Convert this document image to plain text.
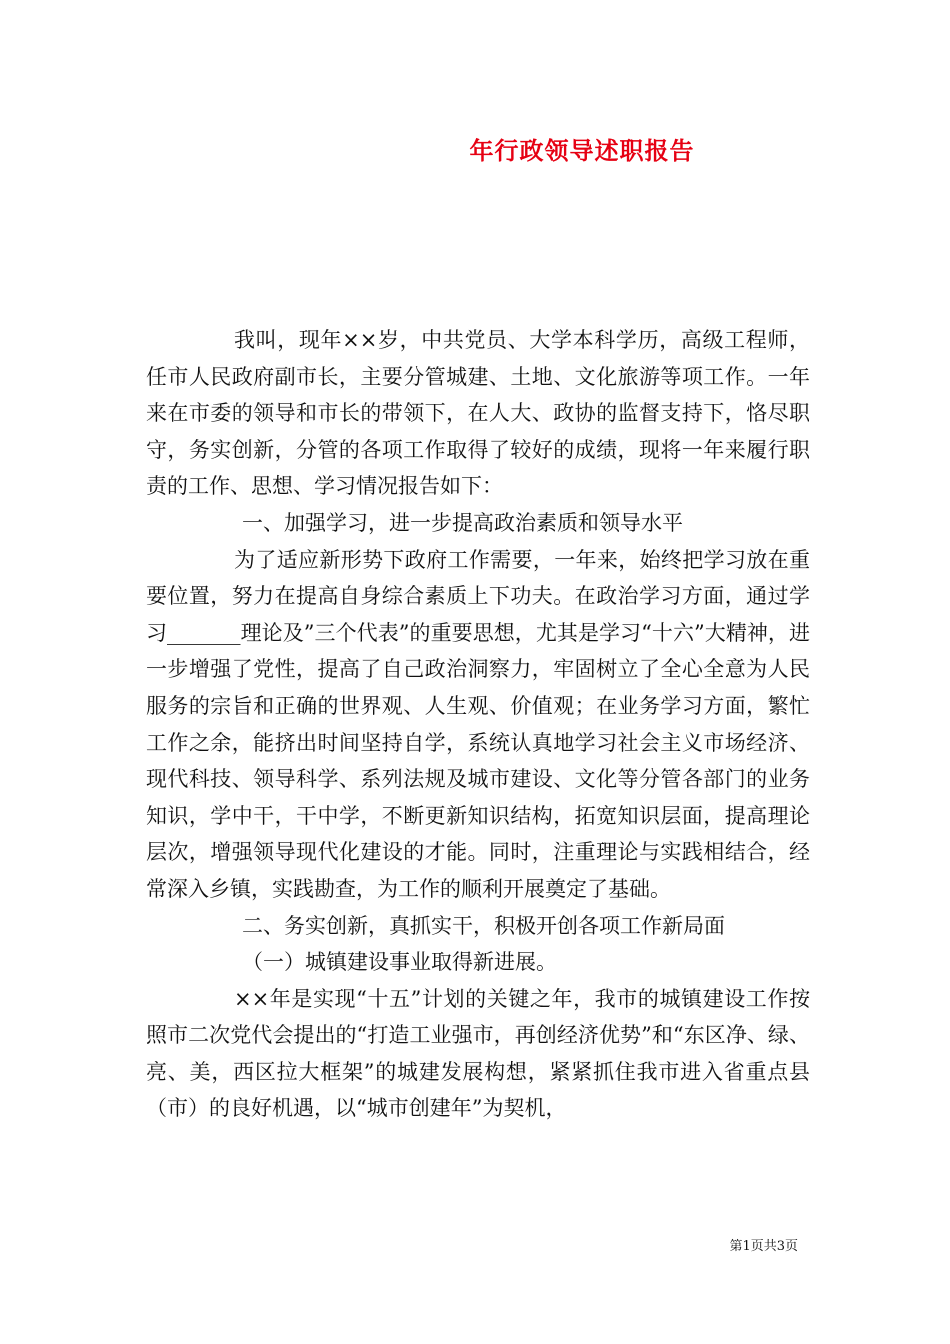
年行政领导述职报告

我叫，现年××岁，中共党员、大学本科学历，高级工程师，任市人民政府副市长，主要分管城建、土地、文化旅游等项工作。一年来在市委的领导和市长的带领下，在人大、政协的监督支持下，恪尽职守，务实创新，分管的各项工作取得了较好的成绩，现将一年来履行职责的工作、思想、学习情况报告如下：

一、加强学习，进一步提高政治素质和领导水平

为了适应新形势下政府工作需要，一年来，始终把学习放在重要位置，努力在提高自身综合素质上下功夫。在政治学习方面，通过学习_______理论及”三个代表”的重要思想，尤其是学习“十六”大精神，进一步增强了党性，提高了自己政治洞察力，牢固树立了全心全意为人民服务的宗旨和正确的世界观、人生观、价值观；在业务学习方面，繁忙工作之余，能挤出时间坚持自学，系统认真地学习社会主义市场经济、现代科技、领导科学、系列法规及城市建设、文化等分管各部门的业务知识，学中干，干中学，不断更新知识结构，拓宽知识层面，提高理论层次，增强领导现代化建设的才能。同时，注重理论与实践相结合，经常深入乡镇，实践勘查，为工作的顺利开展奠定了基础。

二、务实创新，真抓实干，积极开创各项工作新局面

（一）城镇建设事业取得新进展。

××年是实现“十五”计划的关键之年，我市的城镇建设工作按照市二次党代会提出的“打造工业强市，再创经济优势”和“东区净、绿、亮、美，西区拉大框架”的城建发展构想，紧紧抓住我市进入省重点县（市）的良好机遇，以“城市创建年”为契机，

第1页共3页
